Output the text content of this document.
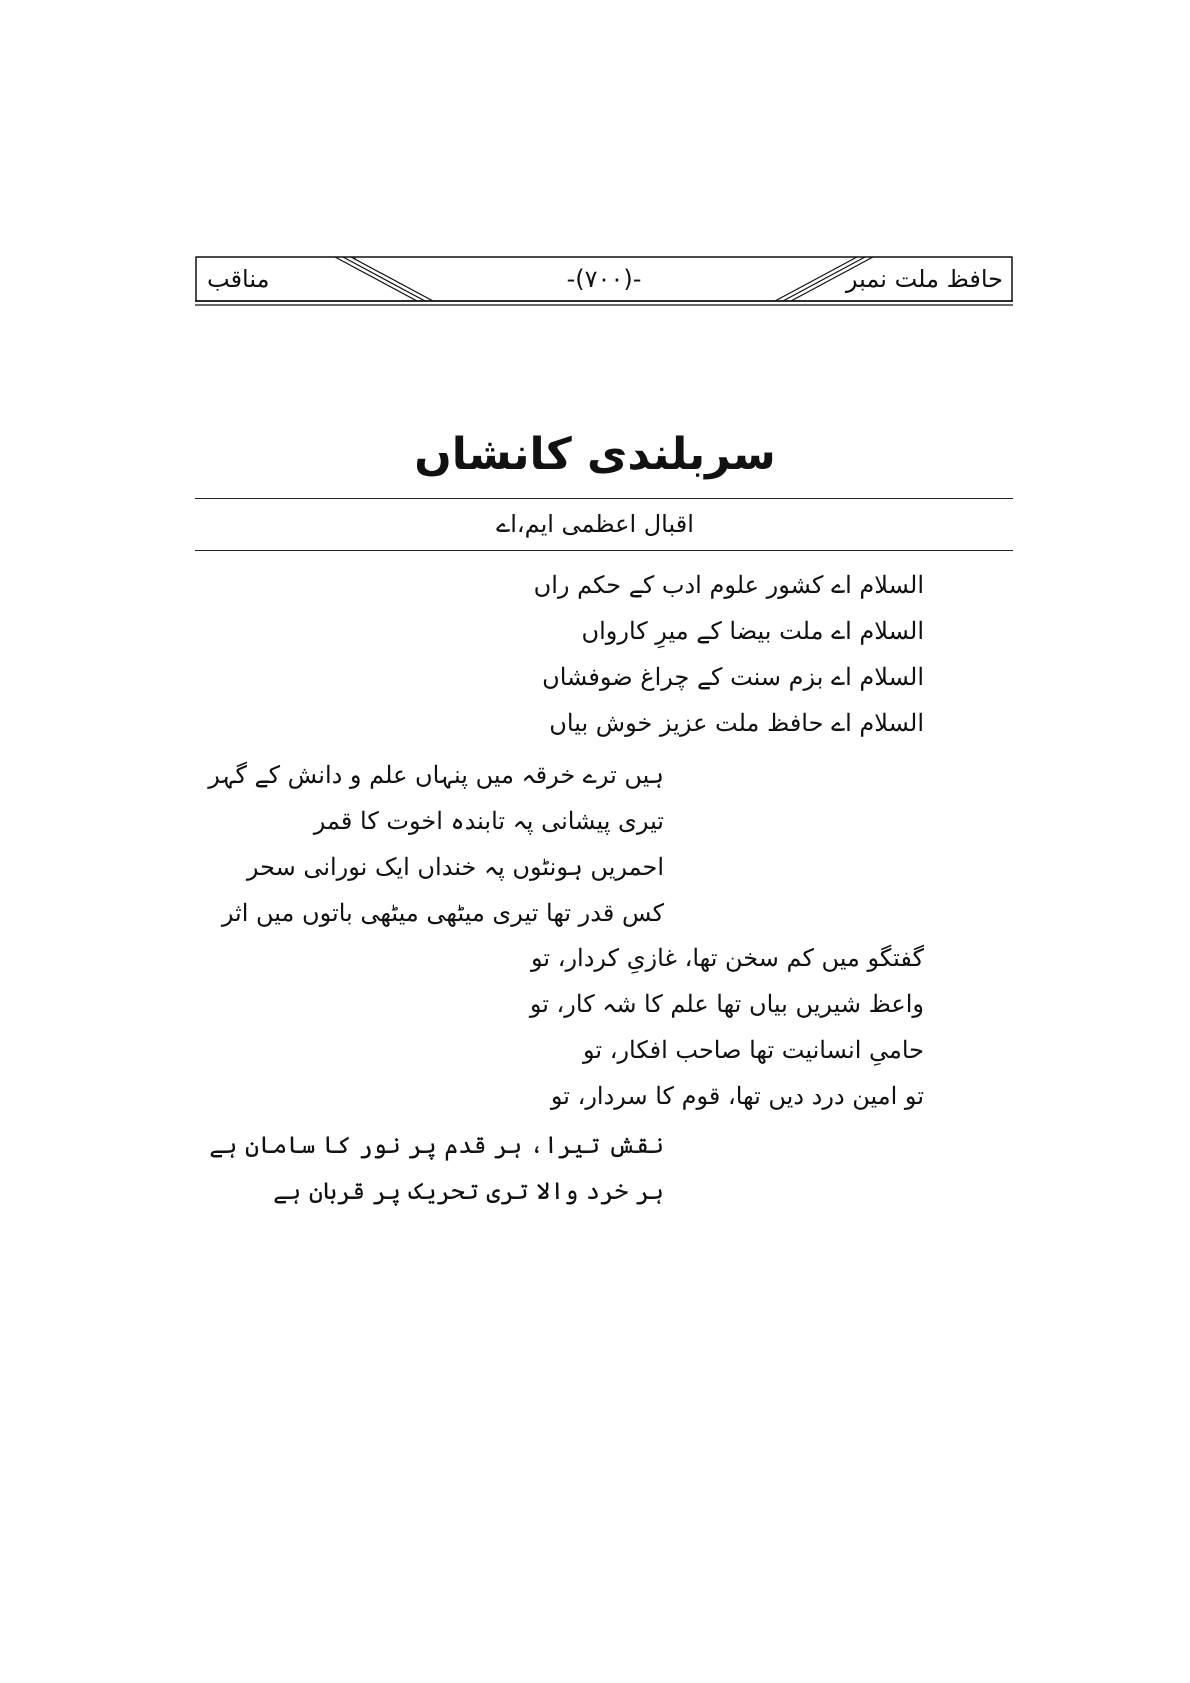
مناقب	-(۷۰۰)-	حافظ ملت نمبر
سربلندی کانشاں
اقبال اعظمی ایم،اے
السلام اے کشور علوم ادب کے حکم راں
السلام اے ملت بیضا کے میرِ کارواں
السلام اے بزم سنت کے چراغ ضوفشاں
السلام اے حافظ ملت عزیز خوش بیاں
ہیں ترے خرقہ میں پنہاں علم و دانش کے گہر
تیری پیشانی پہ تابندہ اخوت کا قمر
احمریں ہونٹوں پہ خنداں ایک نورانی سحر
کس قدر تھا تیری میٹھی میٹھی باتوں میں اثر
گفتگو میں کم سخن تھا، غازیِ کردار، تو
واعظ شیریں بیاں تھا علم کا شہ کار، تو
حامیِ انسانیت تھا صاحب افکار، تو
تو امین درد دیں تھا، قوم کا سردار، تو
نقش تیرا، ہر قدم پر نور کا سامان ہے
ہر خرد والا تری تحریک پر قربان ہے
